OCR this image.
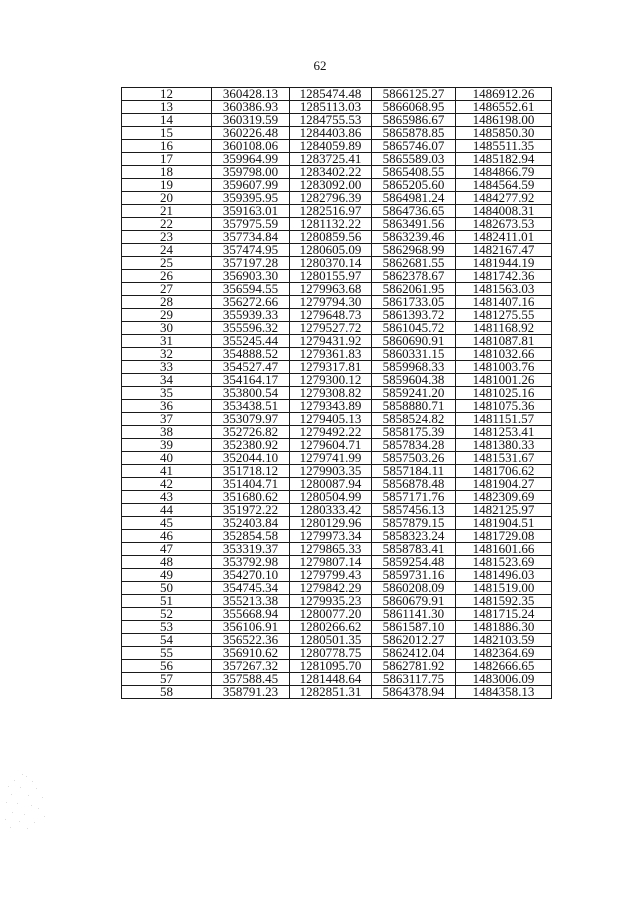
62
12	360428.13	1285474.48	5866125.27	1486912.26
13	360386.93	1285113.03	5866068.95	1486552.61
14	360319.59	1284755.53	5865986.67	1486198.00
15	360226.48	1284403.86	5865878.85	1485850.30
16	360108.06	1284059.89	5865746.07	1485511.35
17	359964.99	1283725.41	5865589.03	1485182.94
18	359798.00	1283402.22	5865408.55	1484866.79
19	359607.99	1283092.00	5865205.60	1484564.59
20	359395.95	1282796.39	5864981.24	1484277.92
21	359163.01	1282516.97	5864736.65	1484008.31
22	357975.59	1281132.22	5863491.56	1482673.53
23	357734.84	1280859.56	5863239.46	1482411.01
24	357474.95	1280605.09	5862968.99	1482167.47
25	357197.28	1280370.14	5862681.55	1481944.19
26	356903.30	1280155.97	5862378.67	1481742.36
27	356594.55	1279963.68	5862061.95	1481563.03
28	356272.66	1279794.30	5861733.05	1481407.16
29	355939.33	1279648.73	5861393.72	1481275.55
30	355596.32	1279527.72	5861045.72	1481168.92
31	355245.44	1279431.92	5860690.91	1481087.81
32	354888.52	1279361.83	5860331.15	1481032.66
33	354527.47	1279317.81	5859968.33	1481003.76
34	354164.17	1279300.12	5859604.38	1481001.26
35	353800.54	1279308.82	5859241.20	1481025.16
36	353438.51	1279343.89	5858880.71	1481075.36
37	353079.97	1279405.13	5858524.82	1481151.57
38	352726.82	1279492.22	5858175.39	1481253.41
39	352380.92	1279604.71	5857834.28	1481380.33
40	352044.10	1279741.99	5857503.26	1481531.67
41	351718.12	1279903.35	5857184.11	1481706.62
42	351404.71	1280087.94	5856878.48	1481904.27
43	351680.62	1280504.99	5857171.76	1482309.69
44	351972.22	1280333.42	5857456.13	1482125.97
45	352403.84	1280129.96	5857879.15	1481904.51
46	352854.58	1279973.34	5858323.24	1481729.08
47	353319.37	1279865.33	5858783.41	1481601.66
48	353792.98	1279807.14	5859254.48	1481523.69
49	354270.10	1279799.43	5859731.16	1481496.03
50	354745.34	1279842.29	5860208.09	1481519.00
51	355213.38	1279935.23	5860679.91	1481592.35
52	355668.94	1280077.20	5861141.30	1481715.24
53	356106.91	1280266.62	5861587.10	1481886.30
54	356522.36	1280501.35	5862012.27	1482103.59
55	356910.62	1280778.75	5862412.04	1482364.69
56	357267.32	1281095.70	5862781.92	1482666.65
57	357588.45	1281448.64	5863117.75	1483006.09
58	358791.23	1282851.31	5864378.94	1484358.13
